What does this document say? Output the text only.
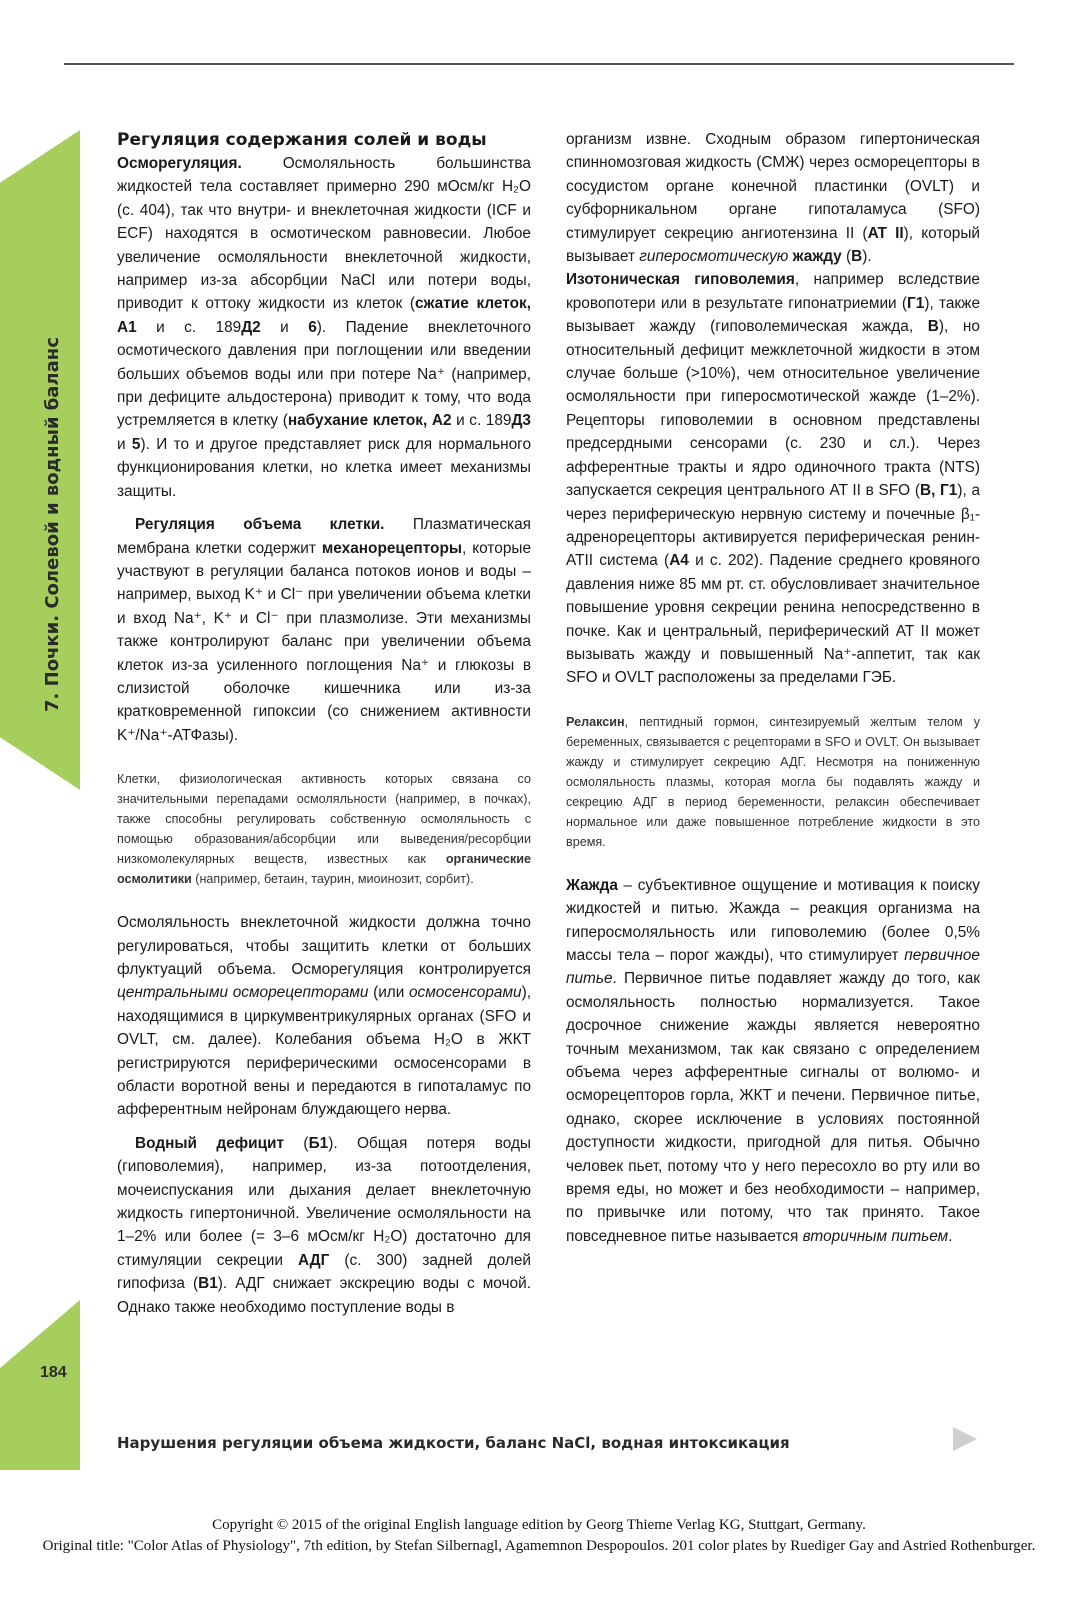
7. Почки. Солевой и водный баланс
184

Регуляция содержания солей и воды

Осморегуляция. Осмоляльность большинства жидкостей тела составляет примерно 290 мОсм/кг H₂O (с. 404), так что внутри- и внеклеточная жидкости (ICF и ECF) находятся в осмотическом равновесии. Любое увеличение осмоляльности внеклеточной жидкости, например из-за абсорбции NaCl или потери воды, приводит к оттоку жидкости из клеток (сжатие клеток, А1 и с. 189Д2 и 6). Падение внеклеточного осмотического давления при поглощении или введении больших объемов воды или при потере Na⁺ (например, при дефиците альдостерона) приводит к тому, что вода устремляется в клетку (набухание клеток, А2 и с. 189Д3 и 5). И то и другое представляет риск для нормального функционирования клетки, но клетка имеет механизмы защиты.

Регуляция объема клетки. Плазматическая мембрана клетки содержит механорецепторы, которые участвуют в регуляции баланса потоков ионов и воды – например, выход K⁺ и Cl⁻ при увеличении объема клетки и вход Na⁺, K⁺ и Cl⁻ при плазмолизе. Эти механизмы также контролируют баланс при увеличении объема клеток из-за усиленного поглощения Na⁺ и глюкозы в слизистой оболочке кишечника или из-за кратковременной гипоксии (со снижением активности K⁺/Na⁺-АТФазы).

Клетки, физиологическая активность которых связана со значительными перепадами осмоляльности (например, в почках), также способны регулировать собственную осмоляльность с помощью образования/абсорбции или выведения/ресорбции низкомолекулярных веществ, известных как органические осмолитики (например, бетаин, таурин, миоинозит, сорбит).

Осмоляльность внеклеточной жидкости должна точно регулироваться, чтобы защитить клетки от больших флуктуаций объема. Осморегуляция контролируется центральными осморецепторами (или осмосенсорами), находящимися в циркумвентрикулярных органах (SFO и OVLT, см. далее). Колебания объема H₂O в ЖКТ регистрируются периферическими осмосенсорами в области воротной вены и передаются в гипоталамус по афферентным нейронам блуждающего нерва.

Водный дефицит (Б1). Общая потеря воды (гиповолемия), например, из-за потоотделения, мочеиспускания или дыхания делает внеклеточную жидкость гипертоничной. Увеличение осмоляльности на 1–2% или более (= 3–6 мОсм/кг H₂O) достаточно для стимуляции секреции АДГ (с. 300) задней долей гипофиза (В1). АДГ снижает экскрецию воды с мочой. Однако также необходимо поступление воды в

организм извне. Сходным образом гипертоническая спинномозговая жидкость (СМЖ) через осморецепторы в сосудистом органе конечной пластинки (OVLT) и субфорникальном органе гипоталамуса (SFO) стимулирует секрецию ангиотензина II (AT II), который вызывает гиперосмотическую жажду (В).

Изотоническая гиповолемия, например вследствие кровопотери или в результате гипонатриемии (Г1), также вызывает жажду (гиповолемическая жажда, В), но относительный дефицит межклеточной жидкости в этом случае больше (>10%), чем относительное увеличение осмоляльности при гиперосмотической жажде (1–2%). Рецепторы гиповолемии в основном представлены предсердными сенсорами (с. 230 и сл.). Через афферентные тракты и ядро одиночного тракта (NTS) запускается секреция центрального AT II в SFO (В, Г1), а через периферическую нервную систему и почечные β₁-адренорецепторы активируется периферическая ренин-ATII система (А4 и с. 202). Падение среднего кровяного давления ниже 85 мм рт. ст. обусловливает значительное повышение уровня секреции ренина непосредственно в почке. Как и центральный, периферический AT II может вызывать жажду и повышенный Na⁺-аппетит, так как SFO и OVLT расположены за пределами ГЭБ.

Релаксин, пептидный гормон, синтезируемый желтым телом у беременных, связывается с рецепторами в SFO и OVLT. Он вызывает жажду и стимулирует секрецию АДГ. Несмотря на пониженную осмоляльность плазмы, которая могла бы подавлять жажду и секрецию АДГ в период беременности, релаксин обеспечивает нормальное или даже повышенное потребление жидкости в это время.

Жажда – субъективное ощущение и мотивация к поиску жидкостей и питью. Жажда – реакция организма на гиперосмоляльность или гиповолемию (более 0,5% массы тела – порог жажды), что стимулирует первичное питье. Первичное питье подавляет жажду до того, как осмоляльность полностью нормализуется. Такое досрочное снижение жажды является невероятно точным механизмом, так как связано с определением объема через афферентные сигналы от волюмо- и осморецепторов горла, ЖКТ и печени. Первичное питье, однако, скорее исключение в условиях постоянной доступности жидкости, пригодной для питья. Обычно человек пьет, потому что у него пересохло во рту или во время еды, но может и без необходимости – например, по привычке или потому, что так принято. Такое повседневное питье называется вторичным питьем.

Нарушения регуляции объема жидкости, баланс NaCl, водная интоксикация
Copyright © 2015 of the original English language edition by Georg Thieme Verlag KG, Stuttgart, Germany.
Original title: "Color Atlas of Physiology", 7th edition, by Stefan Silbernagl, Agamemnon Despopoulos. 201 color plates by Ruediger Gay and Astried Rothenburger.
